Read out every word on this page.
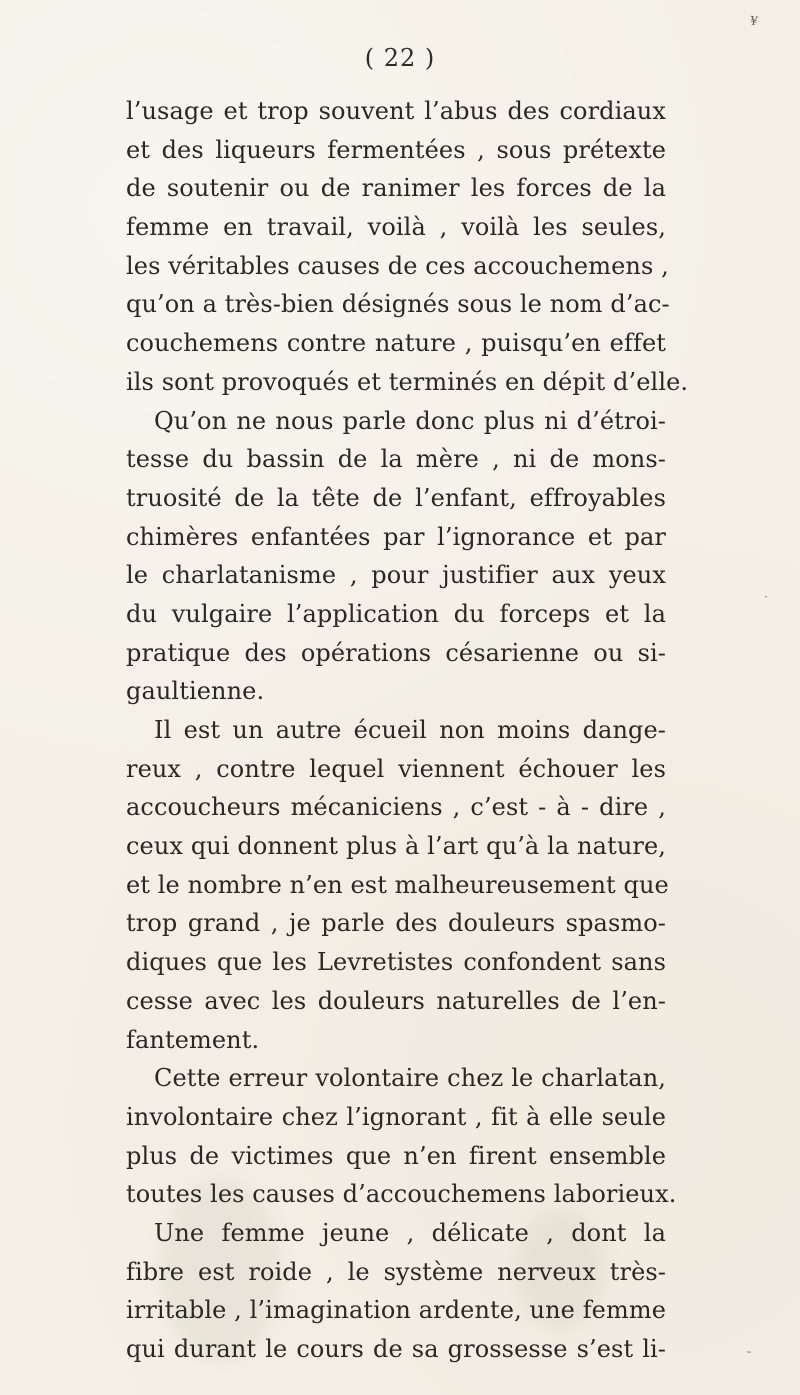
¥
·
˜
( 22 )
l’usage et trop souvent l’abus des cordiaux
et des liqueurs fermentées , sous prétexte
de soutenir ou de ranimer les forces de la
femme en travail, voilà , voilà les seules,
les véritables causes de ces accouchemens ,
qu’on a très-bien désignés sous le nom d’ac-
couchemens contre nature , puisqu’en effet
ils sont provoqués et terminés en dépit d’elle.
Qu’on ne nous parle donc plus ni d’étroi-
tesse du bassin de la mère , ni de mons-
truosité de la tête de l’enfant, effroyables
chimères enfantées par l’ignorance et par
le charlatanisme , pour justifier aux yeux
du vulgaire l’application du forceps et la
pratique des opérations césarienne ou si-
gaultienne.
Il est un autre écueil non moins dange-
reux , contre lequel viennent échouer les
accoucheurs mécaniciens , c’est - à - dire ,
ceux qui donnent plus à l’art qu’à la nature,
et le nombre n’en est malheureusement que
trop grand , je parle des douleurs spasmo-
diques que les Levretistes confondent sans
cesse avec les douleurs naturelles de l’en-
fantement.
Cette erreur volontaire chez le charlatan,
involontaire chez l’ignorant , fit à elle seule
plus de victimes que n’en firent ensemble
toutes les causes d’accouchemens laborieux.
Une femme jeune , délicate , dont la
fibre est roide , le système nerveux très-
irritable , l’imagination ardente, une femme
qui durant le cours de sa grossesse s’est li-
